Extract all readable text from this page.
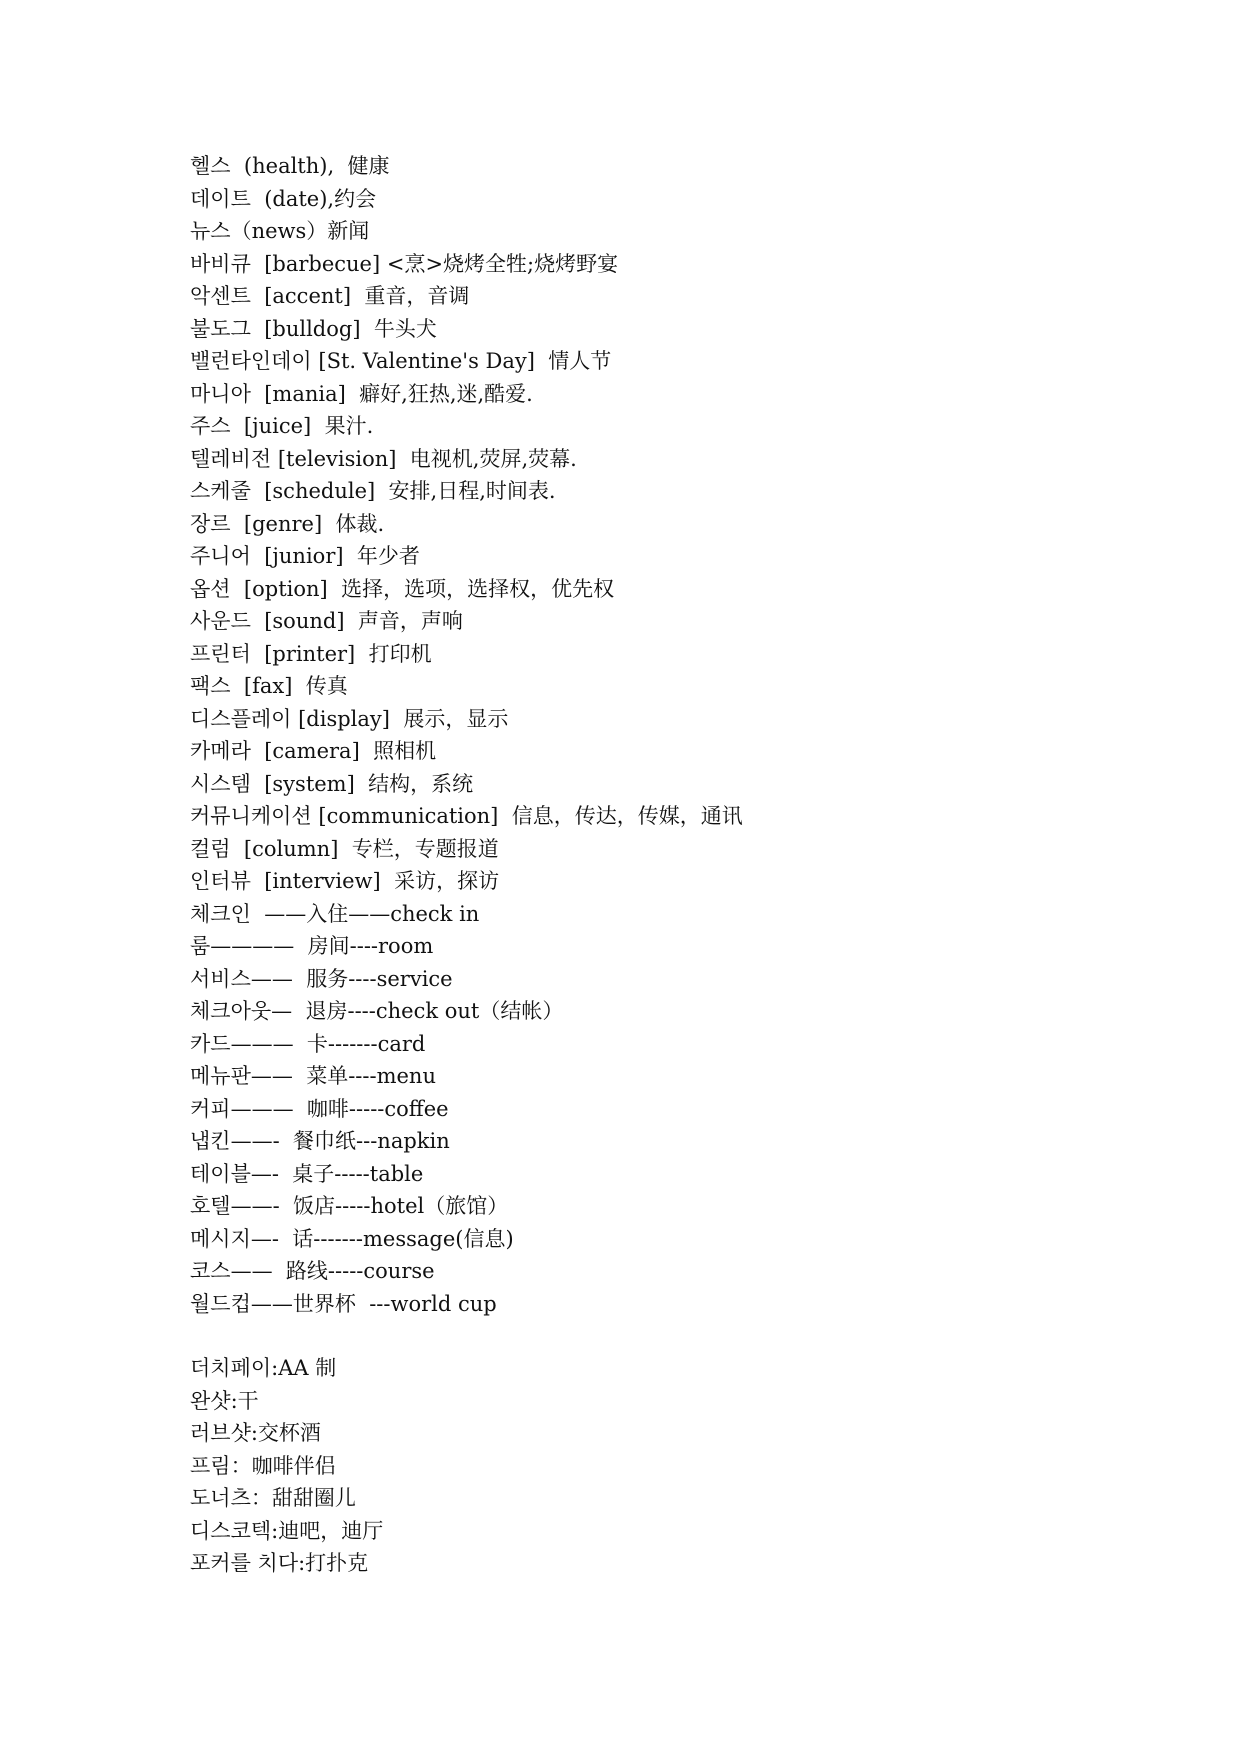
헬스  (health),  健康
데이트  (date),约会
뉴스（news）新闻
바비큐  [barbecue] <烹>烧烤全牲;烧烤野宴
악센트  [accent]  重音，音调
불도그  [bulldog]  牛头犬
밸런타인데이 [St. Valentine's Day]  情人节
마니아  [mania]  癖好,狂热,迷,酷爱.
주스  [juice]  果汁.
텔레비전 [television]  电视机,荧屏,荧幕.
스케줄  [schedule]  安排,日程,时间表.
장르  [genre]  体裁.
주니어  [junior]  年少者
옵션  [option]  选择，选项，选择权，优先权
사운드  [sound]  声音，声响
프린터  [printer]  打印机
팩스  [fax]  传真
디스플레이 [display]  展示，显示
카메라  [camera]  照相机
시스템  [system]  结构，系统
커뮤니케이션 [communication]  信息，传达，传媒，通讯
컬럼  [column]  专栏，专题报道
인터뷰  [interview]  采访，探访
체크인  ——入住——check in
룸————  房间----room
서비스——  服务----service
체크아웃—  退房----check out（结帐）
카드———  卡-------card
메뉴판——  菜单----menu
커피———  咖啡-----coffee
냅킨——-  餐巾纸---napkin
테이블—-  桌子-----table
호텔——-  饭店-----hotel（旅馆）
메시지—-  话-------message(信息)
코스——  路线-----course
월드컵——世界杯  ---world cup
더치페이:AA 制
완샷:干
러브샷:交杯酒
프림：咖啡伴侣
도너츠：甜甜圈儿
디스코텍:迪吧，迪厅
포커를 치다:打扑克
